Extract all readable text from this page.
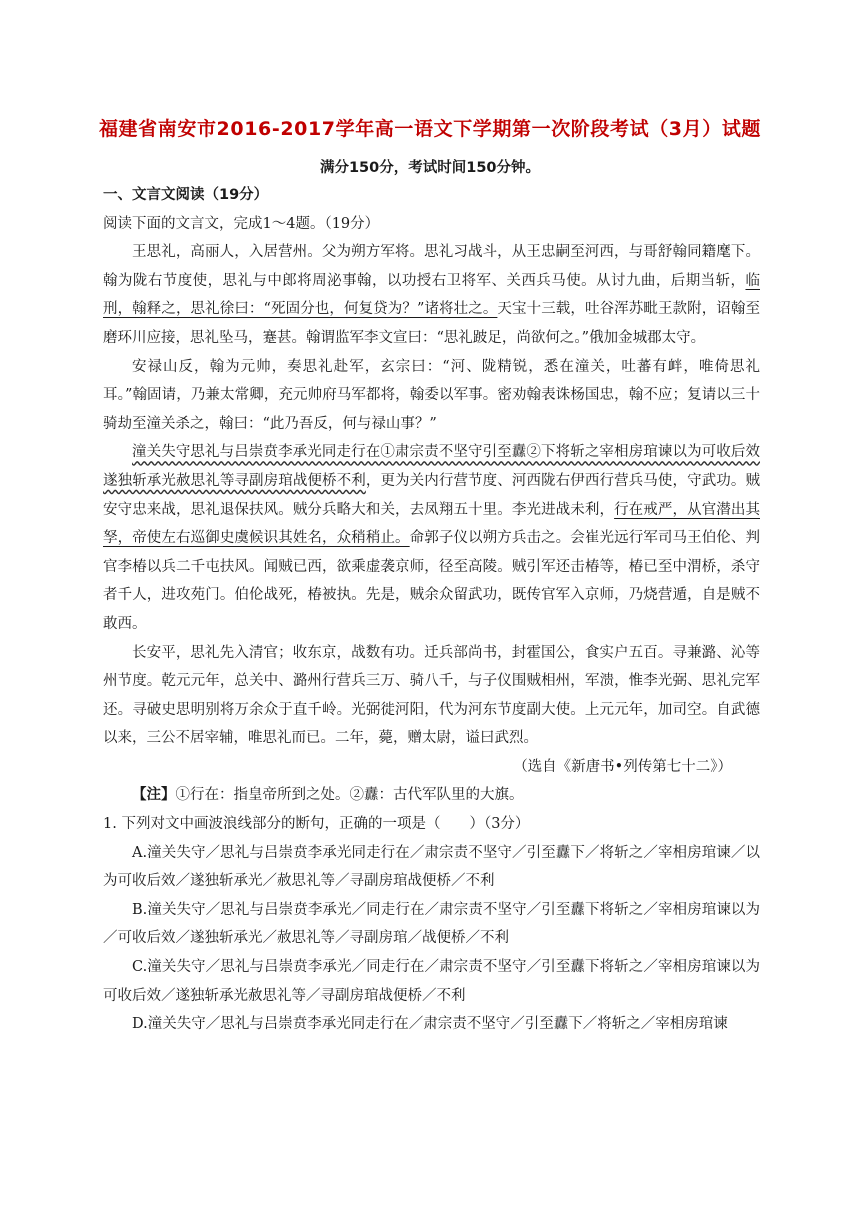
福建省南安市2016-2017学年高一语文下学期第一次阶段考试（3月）试题
满分150分，考试时间150分钟。

一、文言文阅读（19分）

阅读下面的文言文，完成1～4题。（19分）

王思礼，高丽人，入居营州。父为朔方军将。思礼习战斗，从王忠嗣至河西，与哥舒翰同籍麾下。翰为陇右节度使，思礼与中郎将周泌事翰，以功授右卫将军、关西兵马使。从讨九曲，后期当斩，临刑，翰释之，思礼徐曰：“死固分也，何复贷为？”诸将壮之。天宝十三载，吐谷浑苏毗王款附，诏翰至磨环川应接，思礼坠马，蹇甚。翰谓监军李文宣曰：“思礼跛足，尚欲何之。”俄加金城郡太守。

安禄山反，翰为元帅，奏思礼赴军，玄宗曰：“河、陇精锐，悉在潼关，吐蕃有衅，唯倚思礼耳。”翰固请，乃兼太常卿，充元帅府马军都将，翰委以军事。密劝翰表诛杨国忠，翰不应；复请以三十骑劫至潼关杀之，翰曰：“此乃吾反，何与禄山事？”

潼关失守思礼与吕崇贲李承光同走行在①肃宗责不坚守引至纛②下将斩之宰相房琯谏以为可收后效遂独斩承光赦思礼等寻副房琯战便桥不利，更为关内行营节度、河西陇右伊西行营兵马使，守武功。贼安守忠来战，思礼退保扶风。贼分兵略大和关，去凤翔五十里。李光进战未利，行在戒严，从官潜出其孥，帝使左右巡御史虞候识其姓名，众稍稍止。命郭子仪以朔方兵击之。会崔光远行军司马王伯伦、判官李椿以兵二千屯扶风。闻贼已西，欲乘虚袭京师，径至高陵。贼引军还击椿等，椿已至中渭桥，杀守者千人，进攻苑门。伯伦战死，椿被执。先是，贼余众留武功，既传官军入京师，乃烧营遁，自是贼不敢西。

长安平，思礼先入清官；收东京，战数有功。迁兵部尚书，封霍国公，食实户五百。寻兼潞、沁等州节度。乾元元年，总关中、潞州行营兵三万、骑八千，与子仪围贼相州，军溃，惟李光弼、思礼完军还。寻破史思明别将万余众于直千岭。光弼徙河阳，代为河东节度副大使。上元元年，加司空。自武德以来，三公不居宰辅，唯思礼而已。二年，薨，赠太尉，谥曰武烈。

（选自《新唐书•列传第七十二》）

【注】①行在：指皇帝所到之处。②纛：古代军队里的大旗。

1. 下列对文中画波浪线部分的断句，正确的一项是（　　）（3分）

A.潼关失守／思礼与吕崇贲李承光同走行在／肃宗责不坚守／引至纛下／将斩之／宰相房琯谏／以为可收后效／遂独斩承光／赦思礼等／寻副房琯战便桥／不利

B.潼关失守／思礼与吕崇贲李承光／同走行在／肃宗责不坚守／引至纛下将斩之／宰相房琯谏以为／可收后效／遂独斩承光／赦思礼等／寻副房琯／战便桥／不利

C.潼关失守／思礼与吕崇贲李承光／同走行在／肃宗责不坚守／引至纛下将斩之／宰相房琯谏以为可收后效／遂独斩承光赦思礼等／寻副房琯战便桥／不利

D.潼关失守／思礼与吕崇贲李承光同走行在／肃宗责不坚守／引至纛下／将斩之／宰相房琯谏
